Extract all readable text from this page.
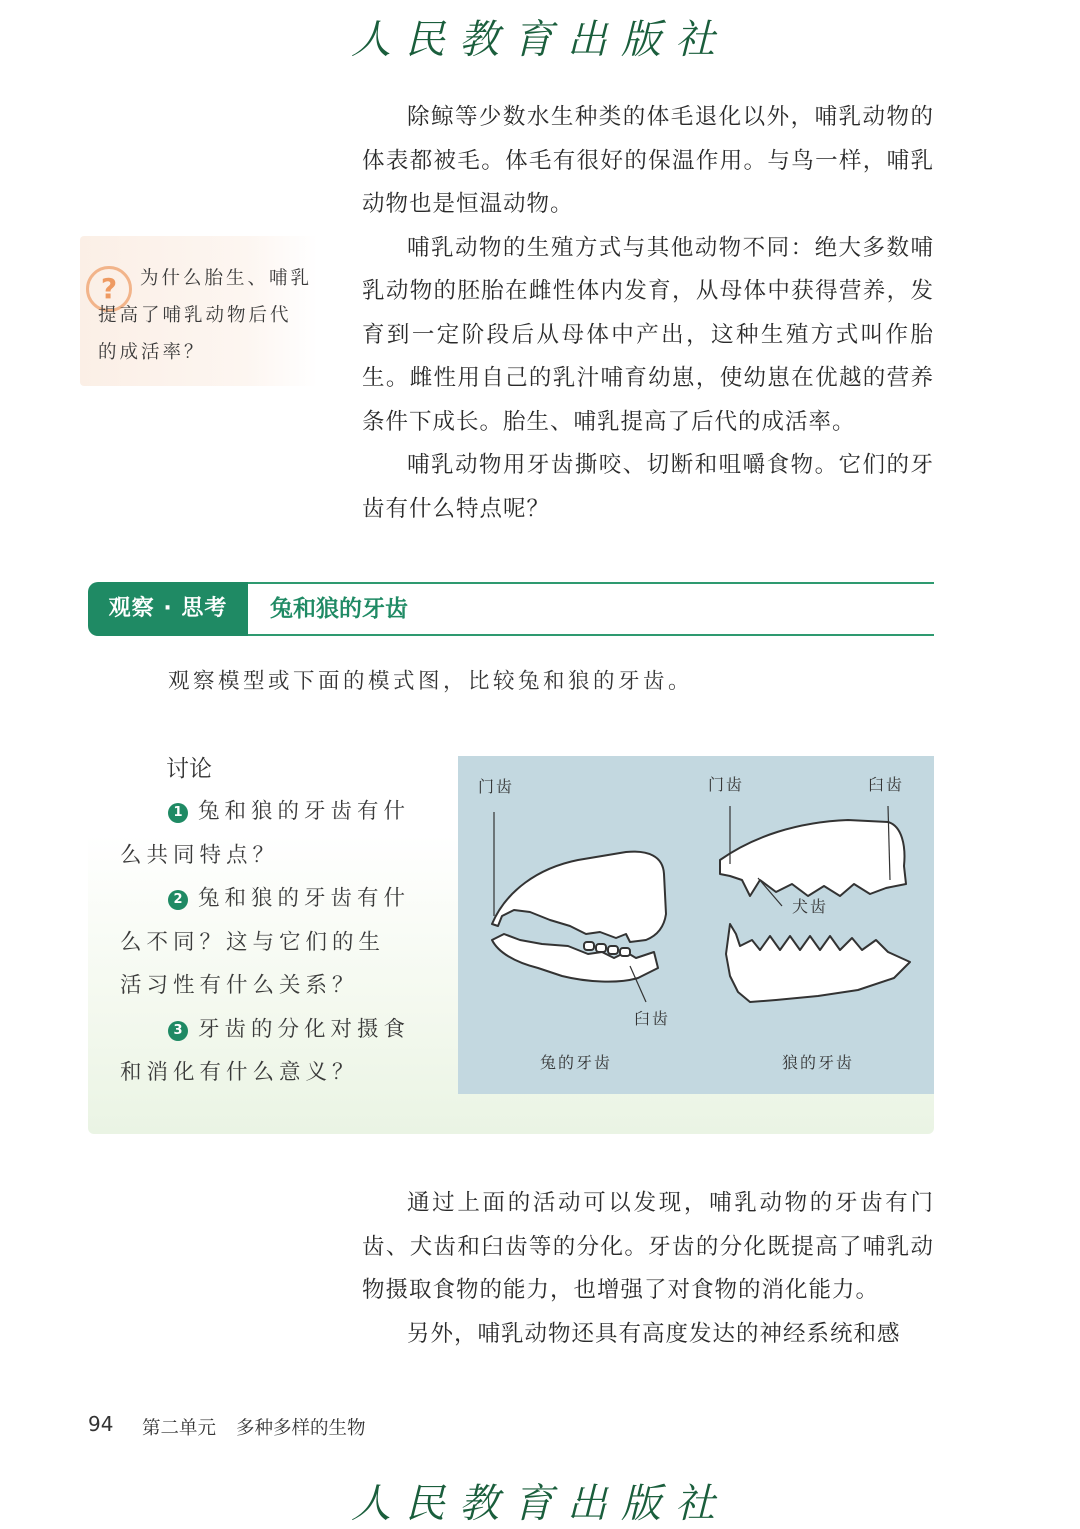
人民教育出版社

除鲸等少数水生种类的体毛退化以外，哺乳动物的体表都被毛。体毛有很好的保温作用。与鸟一样，哺乳动物也是恒温动物。

哺乳动物的生殖方式与其他动物不同：绝大多数哺乳动物的胚胎在雌性体内发育，从母体中获得营养，发育到一定阶段后从母体中产出，这种生殖方式叫作胎生。雌性用自己的乳汁哺育幼崽，使幼崽在优越的营养条件下成长。胎生、哺乳提高了后代的成活率。

哺乳动物用牙齿撕咬、切断和咀嚼食物。它们的牙齿有什么特点呢？

?	为什么胎生、哺乳提高了哺乳动物后代的成活率？
观察 · 思考	兔和狼的牙齿
观察模型或下面的模式图，比较兔和狼的牙齿。
讨论
1 兔和狼的牙齿有什么共同特点？
2 兔和狼的牙齿有什么不同？这与它们的生活习性有什么关系？
3 牙齿的分化对摄食和消化有什么意义？
门齿
臼齿
兔的牙齿
门齿	臼齿
犬齿
狼的牙齿

通过上面的活动可以发现，哺乳动物的牙齿有门齿、犬齿和臼齿等的分化。牙齿的分化既提高了哺乳动物摄取食物的能力，也增强了对食物的消化能力。

另外，哺乳动物还具有高度发达的神经系统和感

94 第二单元 多种多样的生物
人民教育出版社
